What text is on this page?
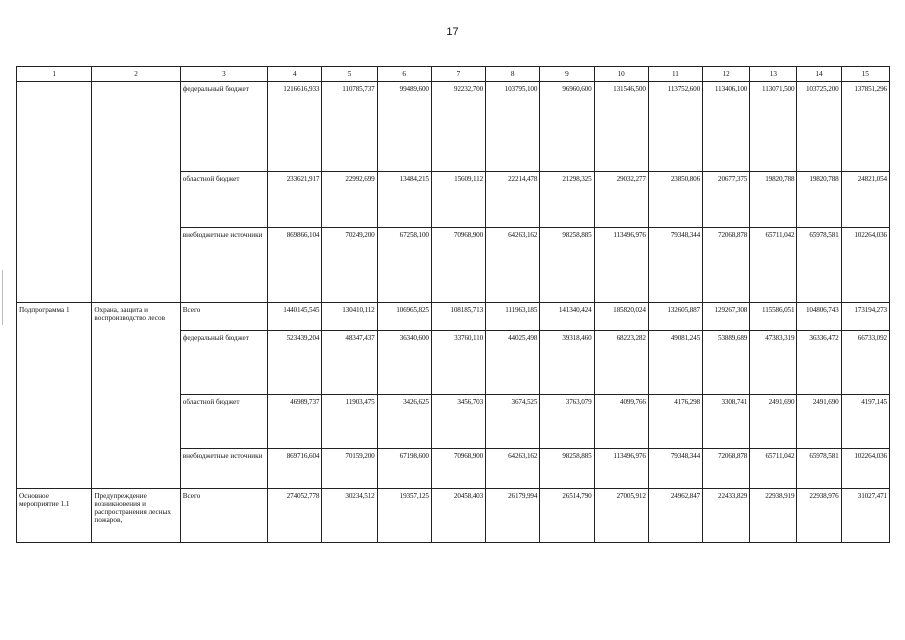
17
1	2	3	4	5	6	7	8	9	10	11	12	13	14	15
		федеральный бюджет	1216616,933	110785,737	99489,600	92232,700	103795,100	96960,600	131546,500	113752,600	113406,100	113071,500	103725,200	137851,296
		областной бюджет	233621,917	22992,699	13484,215	15609,112	22214,478	21298,325	29032,277	23850,806	20677,375	19820,788	19820,788	24821,054
		внебюджетные источники	869866,104	70249,200	67258,100	70968,900	64263,162	98258,885	113496,976	79348,344	72068,878	65711,042	65978,581	102264,036
Подпрограмма 1	Охрана, защита и воспроизводство лесов	Всего	1440145,545	130410,112	106965,825	108185,713	111963,185	141340,424	185820,024	132605,887	129267,308	115586,051	104806,743	173194,273
		федеральный бюджет	523439,204	48347,437	36340,600	33760,110	44025,498	39318,460	68223,282	49081,245	53889,689	47383,319	36336,472	66733,092
		областной бюджет	46989,737	11903,475	3426,625	3456,703	3674,525	3763,079	4099,766	4176,298	3308,741	2491,690	2491,690	4197,145
		внебюджетные источники	869716,604	70159,200	67198,600	70968,900	64263,162	98258,885	113496,976	79348,344	72068,878	65711,042	65978,581	102264,036
Основное мероприятие 1.1	Предупреждение возникновения и распространения лесных пожаров,	Всего	274052,778	30234,512	19357,125	20458,403	26179,994	26514,790	27005,912	24962,847	22433,829	22938,919	22938,976	31027,471
